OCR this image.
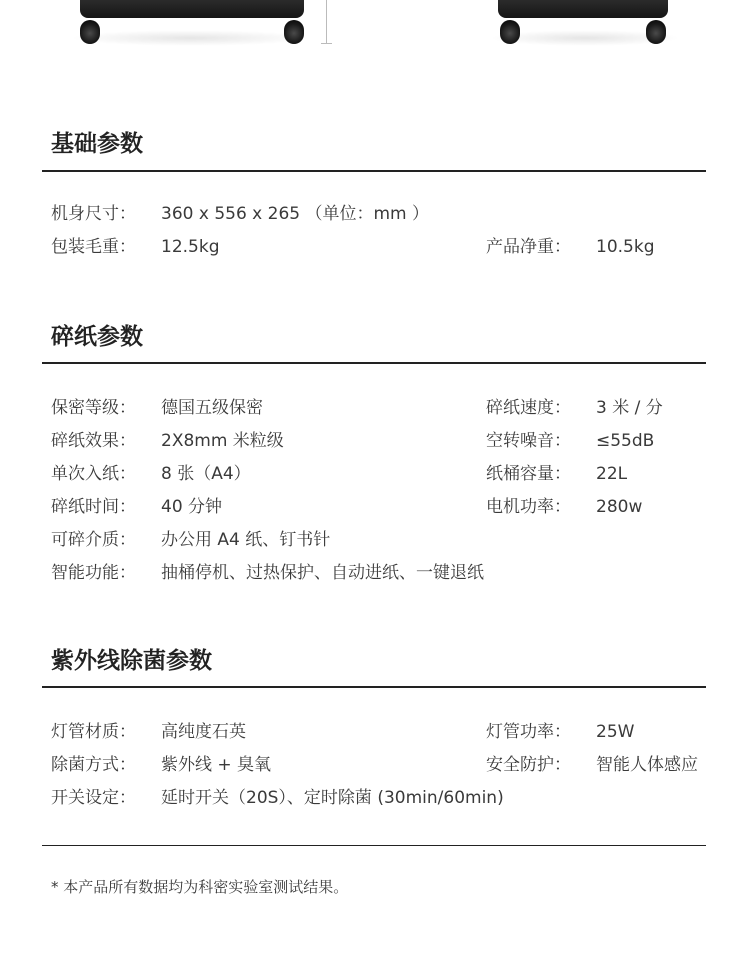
基础参数
机身尺寸： 360 x 556 x 265 （单位：mm ）
包装毛重： 12.5kg	产品净重： 10.5kg
碎纸参数
保密等级： 德国五级保密	碎纸速度： 3 米 / 分
碎纸效果： 2X8mm 米粒级	空转噪音： ≤55dB
单次入纸： 8 张（A4）	纸桶容量： 22L
碎纸时间： 40 分钟	电机功率： 280w
可碎介质： 办公用 A4 纸、钉书针
智能功能： 抽桶停机、过热保护、自动进纸、一键退纸
紫外线除菌参数
灯管材质： 高纯度石英	灯管功率： 25W
除菌方式： 紫外线 + 臭氧	安全防护： 智能人体感应
开关设定： 延时开关（20S）、定时除菌 (30min/60min)
* 本产品所有数据均为科密实验室测试结果。
